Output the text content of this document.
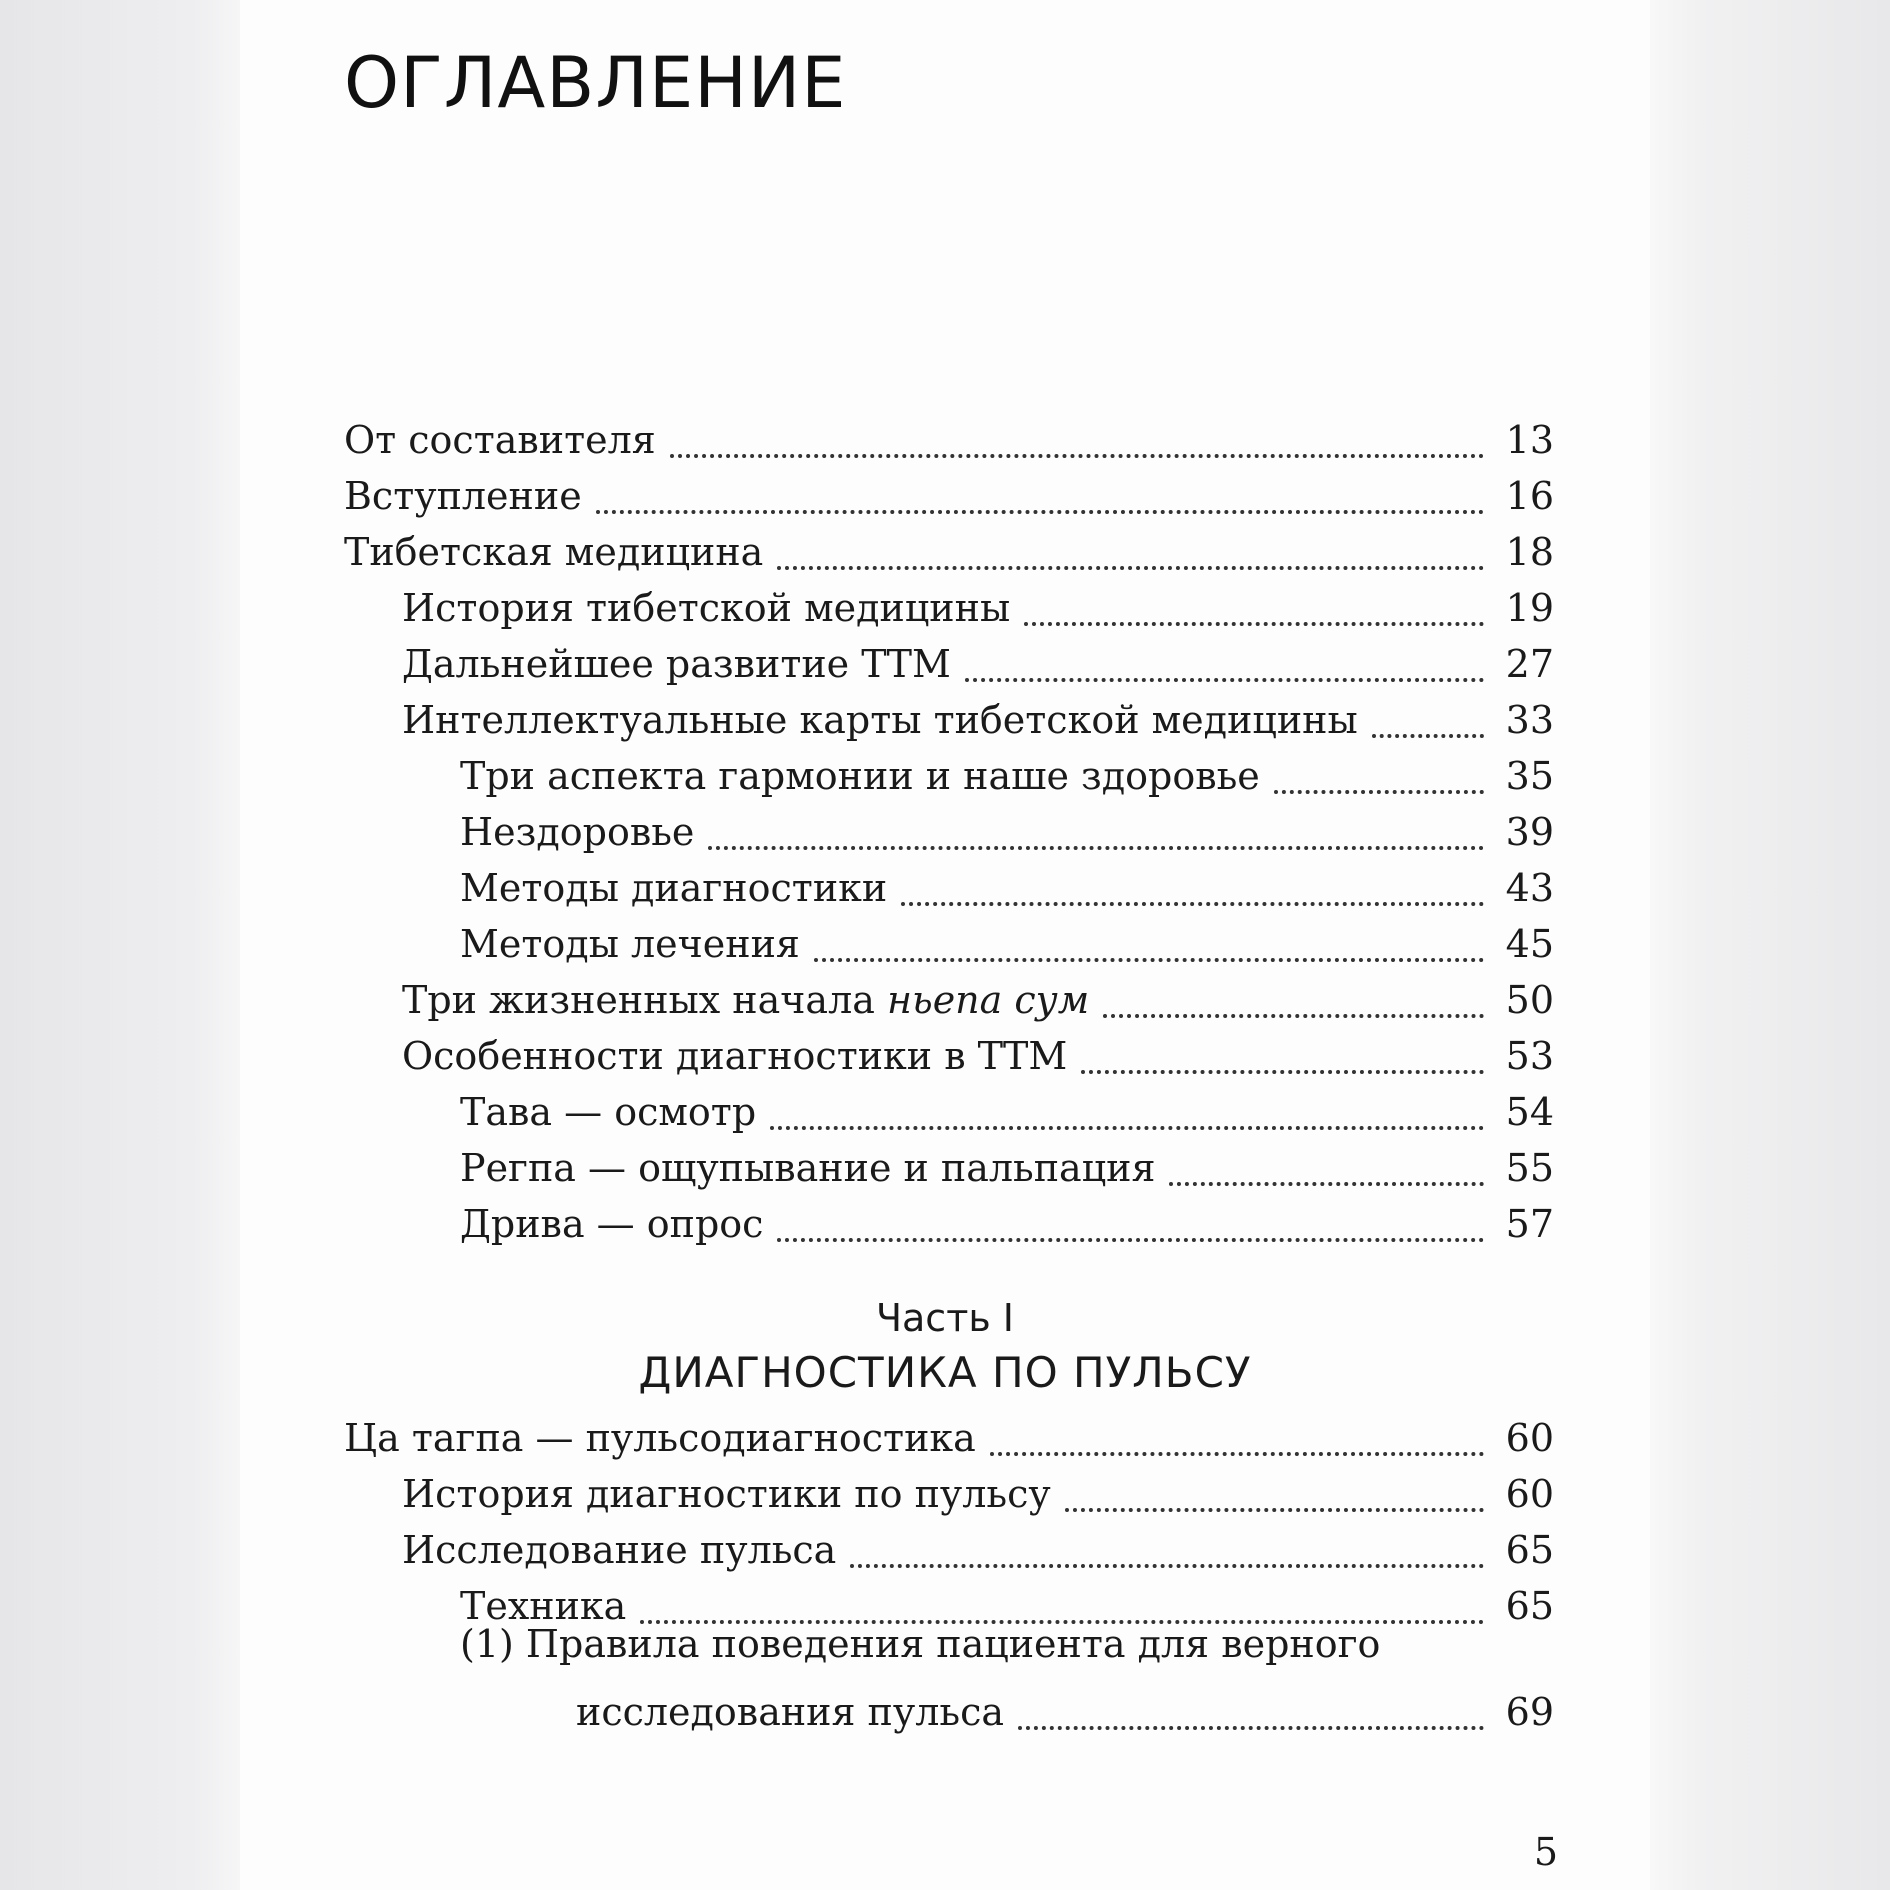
ОГЛАВЛЕНИЕ
От составителя	13
Вступление	16
Тибетская медицина	18
История тибетской медицины	19
Дальнейшее развитие ТТМ	27
Интеллектуальные карты тибетской медицины	33
Три аспекта гармонии и наше здоровье	35
Нездоровье	39
Методы диагностики	43
Методы лечения	45
Три жизненных начала ньепа сум	50
Особенности диагностики в ТТМ	53
Тава — осмотр	54
Регпа — ощупывание и пальпация	55
Дрива — опрос	57
Часть I
ДИАГНОСТИКА ПО ПУЛЬСУ
Ца тагпа — пульсодиагностика	60
История диагностики по пульсу	60
Исследование пульса	65
Техника	65
(1) Правила поведения пациента для верного
исследования пульса	69
5
